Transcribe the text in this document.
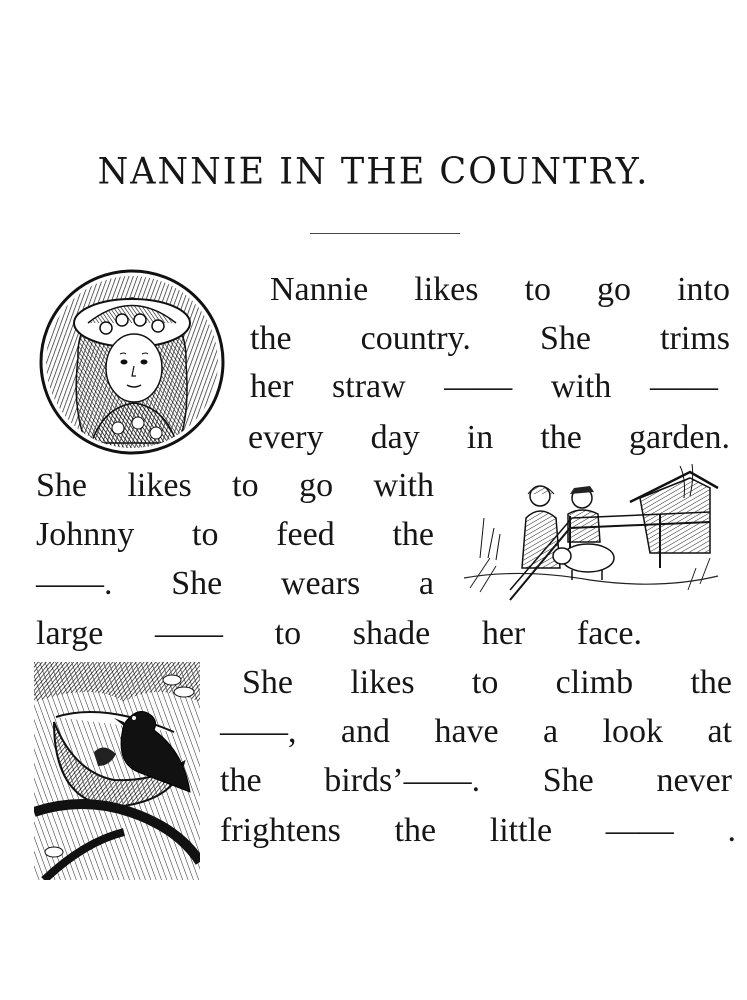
NANNIE IN THE COUNTRY.
Nannie likes to go into
the country. She trims
her straw —— with ——
every day in the garden.
She likes to go with
Johnny to feed the
——. She wears a
large —— to shade her face.
She likes to climb the
——, and have a look at
the birds’——. She never
frightens the little —— .
